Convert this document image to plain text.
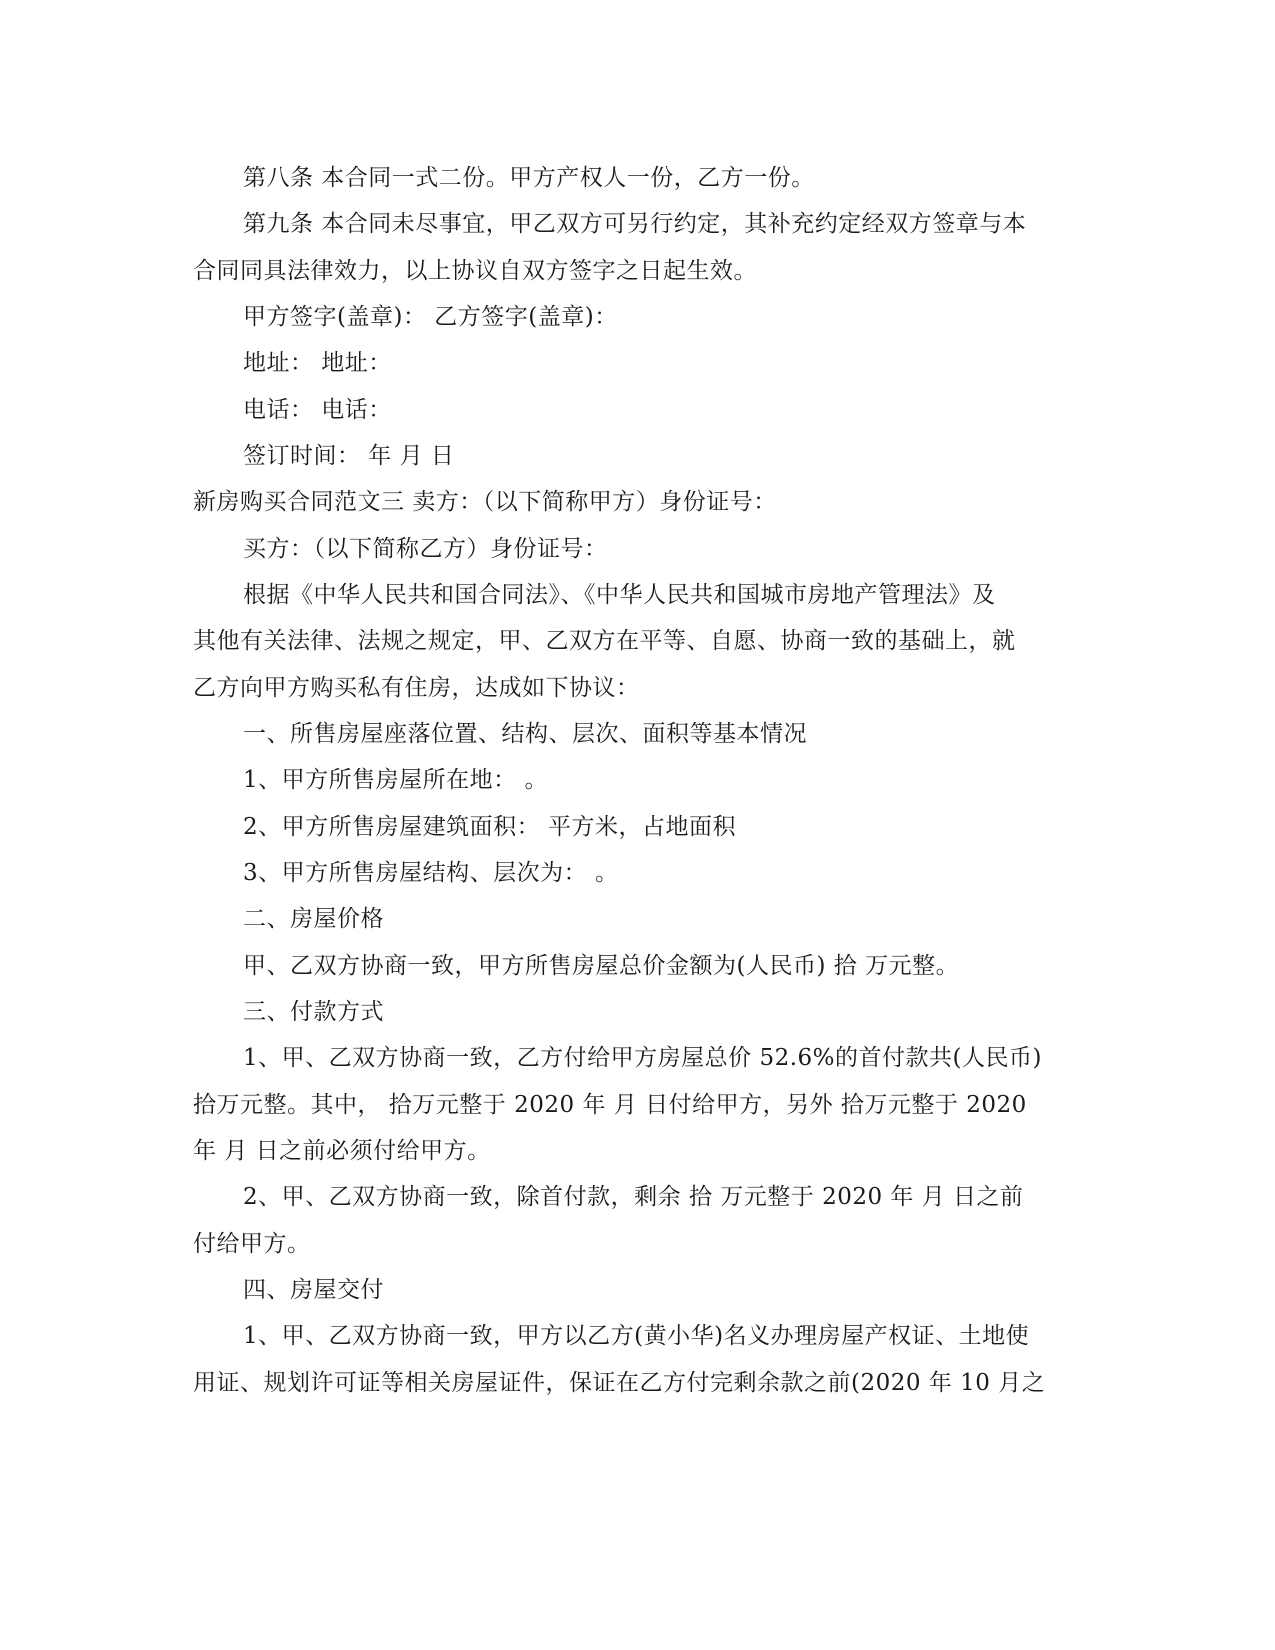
第八条 本合同一式二份。甲方产权人一份，乙方一份。
第九条 本合同未尽事宜，甲乙双方可另行约定，其补充约定经双方签章与本
合同同具法律效力，以上协议自双方签字之日起生效。
甲方签字(盖章)： 乙方签字(盖章)：
地址： 地址：
电话： 电话：
签订时间： 年 月 日
新房购买合同范文三 卖方：（以下简称甲方）身份证号：
买方：（以下简称乙方）身份证号：
根据《中华人民共和国合同法》、《中华人民共和国城市房地产管理法》及
其他有关法律、法规之规定，甲、乙双方在平等、自愿、协商一致的基础上，就
乙方向甲方购买私有住房，达成如下协议：
一、所售房屋座落位置、结构、层次、面积等基本情况
1、甲方所售房屋所在地： 。
2、甲方所售房屋建筑面积： 平方米，占地面积
3、甲方所售房屋结构、层次为： 。
二、房屋价格
甲、乙双方协商一致，甲方所售房屋总价金额为(人民币) 拾 万元整。
三、付款方式
1、甲、乙双方协商一致，乙方付给甲方房屋总价 52.6%的首付款共(人民币)
拾万元整。其中， 拾万元整于 2020 年 月 日付给甲方，另外 拾万元整于 2020
年 月 日之前必须付给甲方。
2、甲、乙双方协商一致，除首付款，剩余 拾 万元整于 2020 年 月 日之前
付给甲方。
四、房屋交付
1、甲、乙双方协商一致，甲方以乙方(黄小华)名义办理房屋产权证、土地使
用证、规划许可证等相关房屋证件，保证在乙方付完剩余款之前(2020 年 10 月之
